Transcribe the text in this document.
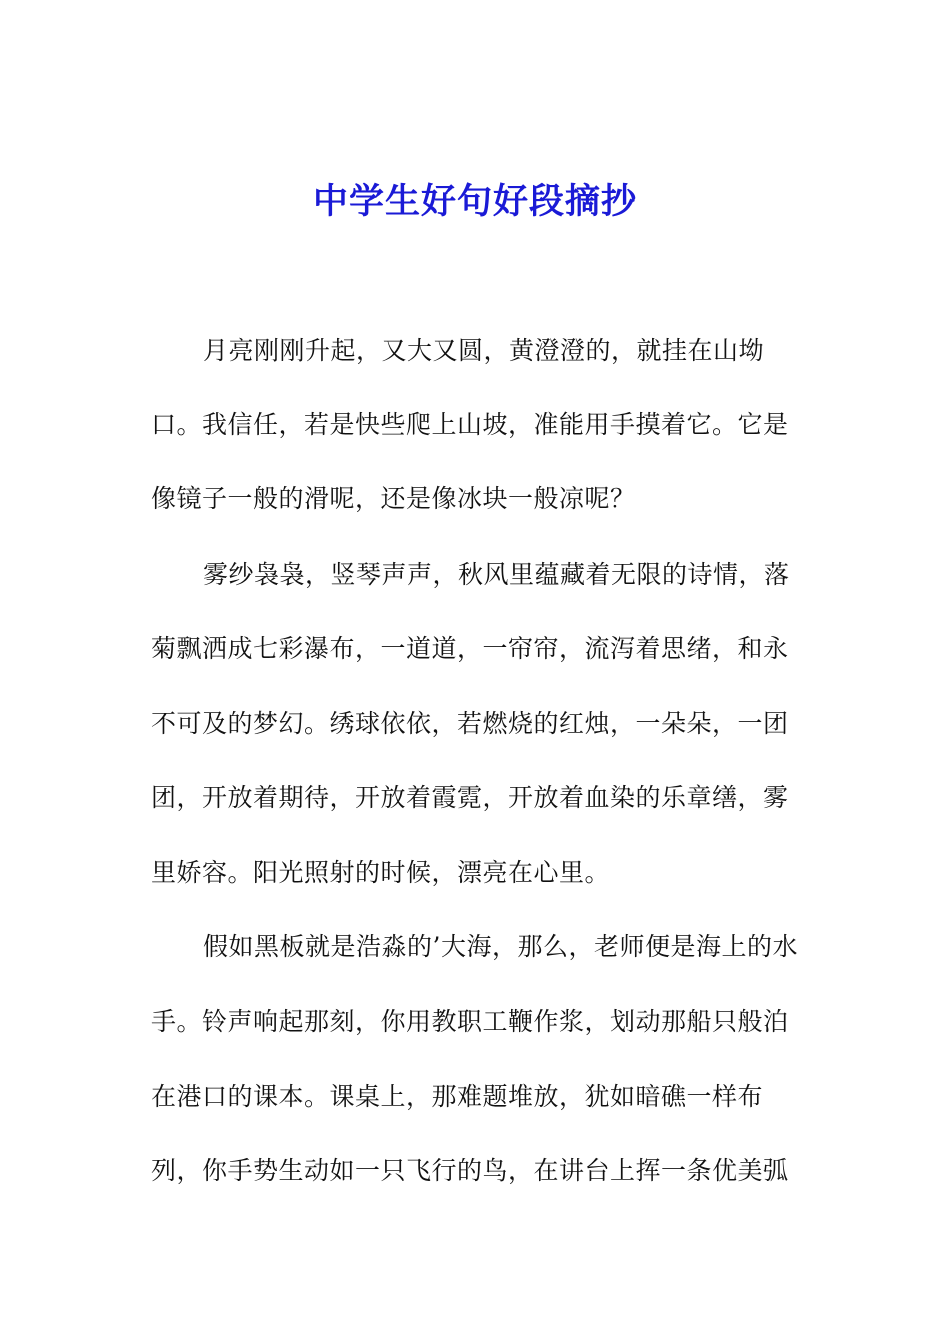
中学生好句好段摘抄
月亮刚刚升起，又大又圆，黄澄澄的，就挂在山坳
口。我信任，若是快些爬上山坡，准能用手摸着它。它是
像镜子一般的滑呢，还是像冰块一般凉呢？
雾纱袅袅，竖琴声声，秋风里蕴藏着无限的诗情，落
菊飘洒成七彩瀑布，一道道，一帘帘，流泻着思绪，和永
不可及的梦幻。绣球依依，若燃烧的红烛，一朵朵，一团
团，开放着期待，开放着霞霓，开放着血染的乐章缮，雾
里娇容。阳光照射的时候，漂亮在心里。
假如黑板就是浩淼的’大海，那么，老师便是海上的水
手。铃声响起那刻，你用教职工鞭作浆，划动那船只般泊
在港口的课本。课桌上，那难题堆放，犹如暗礁一样布
列，你手势生动如一只飞行的鸟，在讲台上挥一条优美弧
